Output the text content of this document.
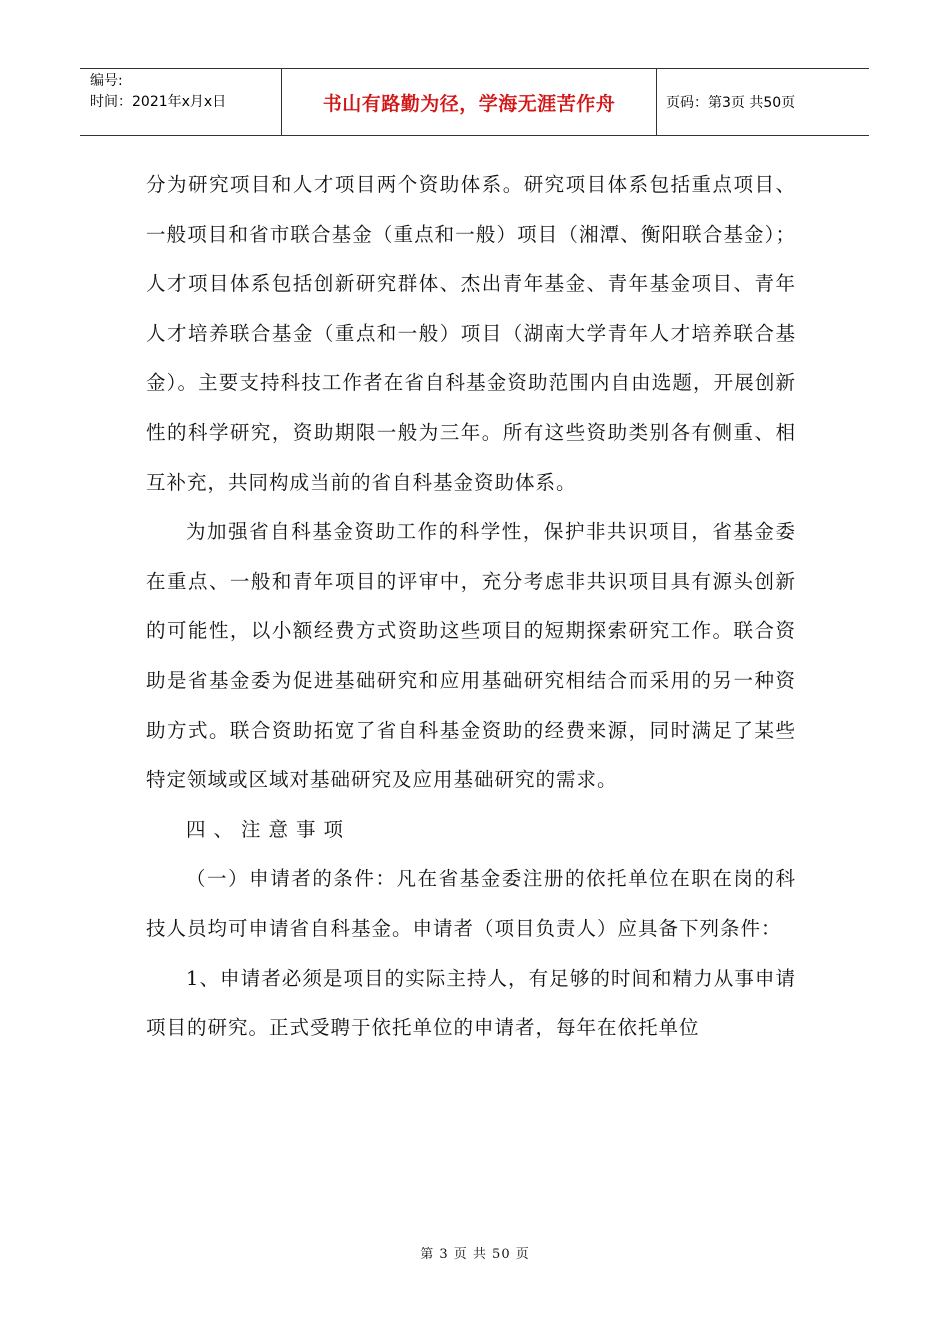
编号:
时间：2021年x月x日	书山有路勤为径，学海无涯苦作舟	页码：第3页 共50页

分为研究项目和人才项目两个资助体系。研究项目体系包括重点项目、一般项目和省市联合基金（重点和一般）项目（湘潭、衡阳联合基金）；人才项目体系包括创新研究群体、杰出青年基金、青年基金项目、青年人才培养联合基金（重点和一般）项目（湖南大学青年人才培养联合基金）。主要支持科技工作者在省自科基金资助范围内自由选题，开展创新性的科学研究，资助期限一般为三年。所有这些资助类别各有侧重、相互补充，共同构成当前的省自科基金资助体系。

为加强省自科基金资助工作的科学性，保护非共识项目，省基金委在重点、一般和青年项目的评审中，充分考虑非共识项目具有源头创新的可能性，以小额经费方式资助这些项目的短期探索研究工作。联合资助是省基金委为促进基础研究和应用基础研究相结合而采用的另一种资助方式。联合资助拓宽了省自科基金资助的经费来源，同时满足了某些特定领域或区域对基础研究及应用基础研究的需求。

四、注意事项

（一）申请者的条件：凡在省基金委注册的依托单位在职在岗的科技人员均可申请省自科基金。申请者（项目负责人）应具备下列条件：

1、申请者必须是项目的实际主持人，有足够的时间和精力从事申请项目的研究。正式受聘于依托单位的申请者，每年在依托单位

第 3 页 共 50 页
